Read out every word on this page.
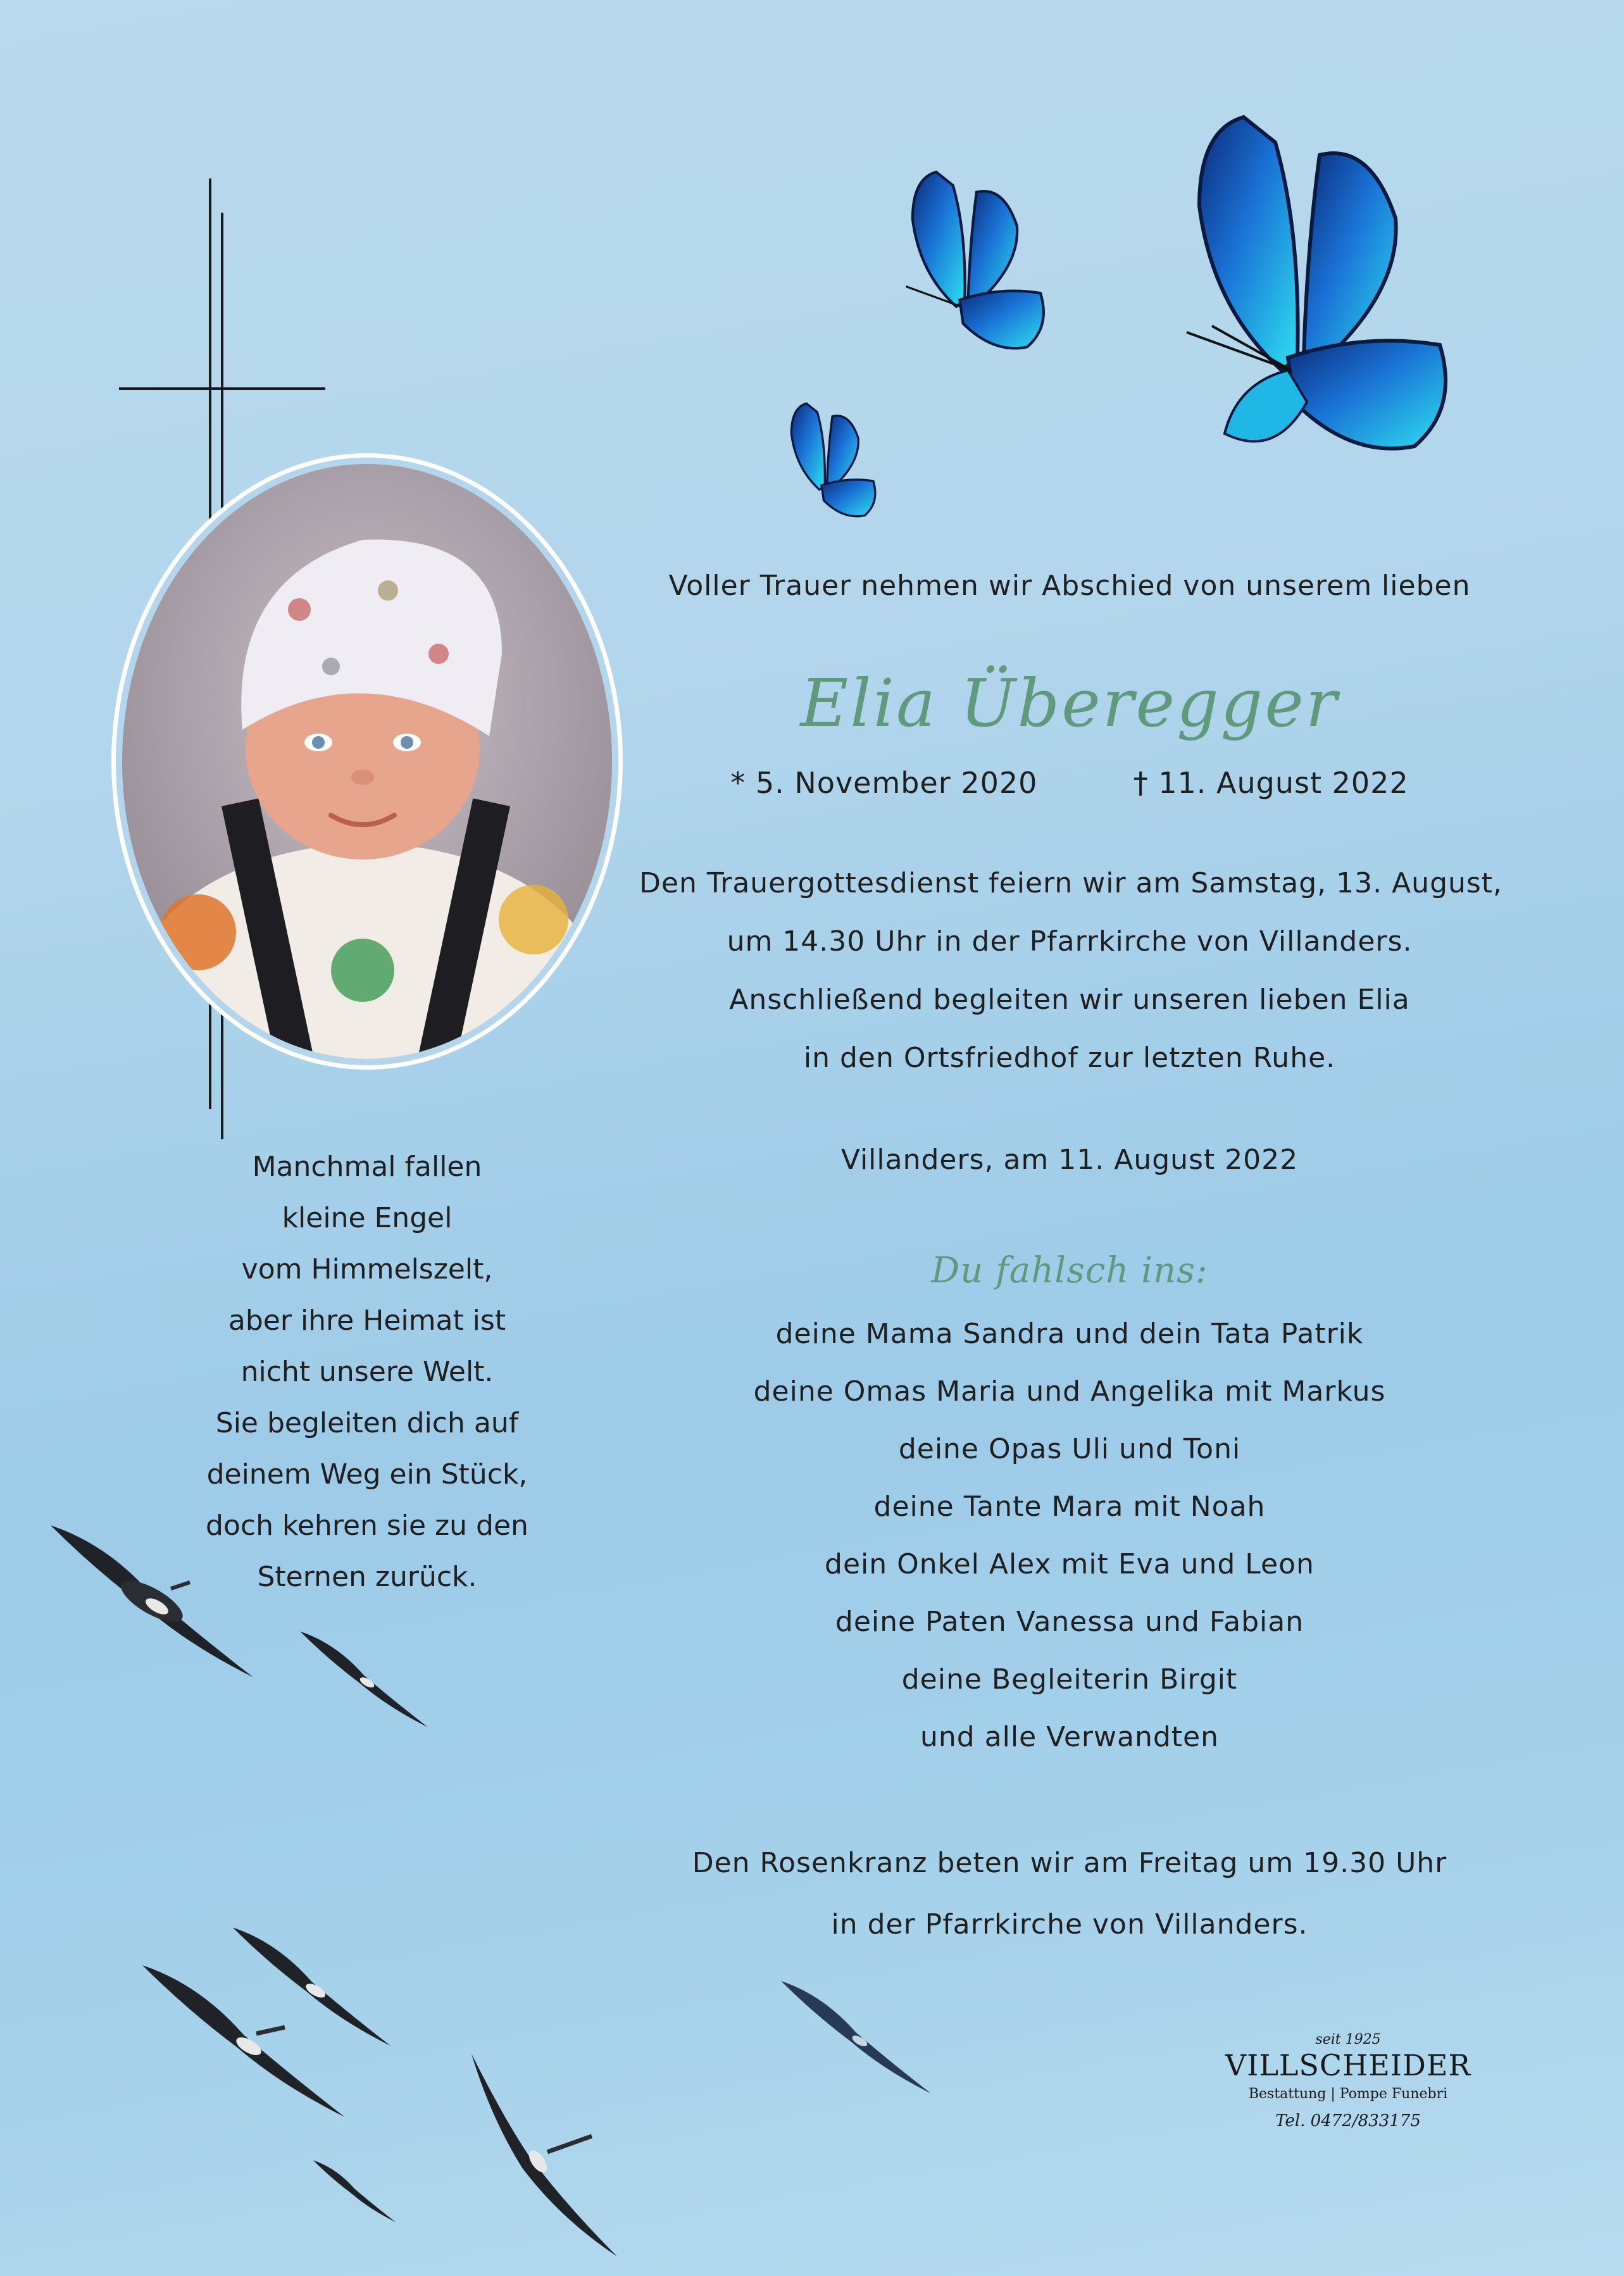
Voller Trauer nehmen wir Abschied von unserem lieben
Elia Überegger
* 5. November 2020	† 11. August 2022
Den Trauergottesdienst feiern wir am Samstag, 13. August,
um 14.30 Uhr in der Pfarrkirche von Villanders.
Anschließend begleiten wir unseren lieben Elia
in den Ortsfriedhof zur letzten Ruhe.
Villanders, am 11. August 2022
Du fahlsch ins:
deine Mama Sandra und dein Tata Patrik
deine Omas Maria und Angelika mit Markus
deine Opas Uli und Toni
deine Tante Mara mit Noah
dein Onkel Alex mit Eva und Leon
deine Paten Vanessa und Fabian
deine Begleiterin Birgit
und alle Verwandten
Den Rosenkranz beten wir am Freitag um 19.30 Uhr
in der Pfarrkirche von Villanders.
Manchmal fallen
kleine Engel
vom Himmelszelt,
aber ihre Heimat ist
nicht unsere Welt.
Sie begleiten dich auf
deinem Weg ein Stück,
doch kehren sie zu den
Sternen zurück.
seit 1925
VILLSCHEIDER
Bestattung | Pompe Funebri
Tel. 0472/833175
